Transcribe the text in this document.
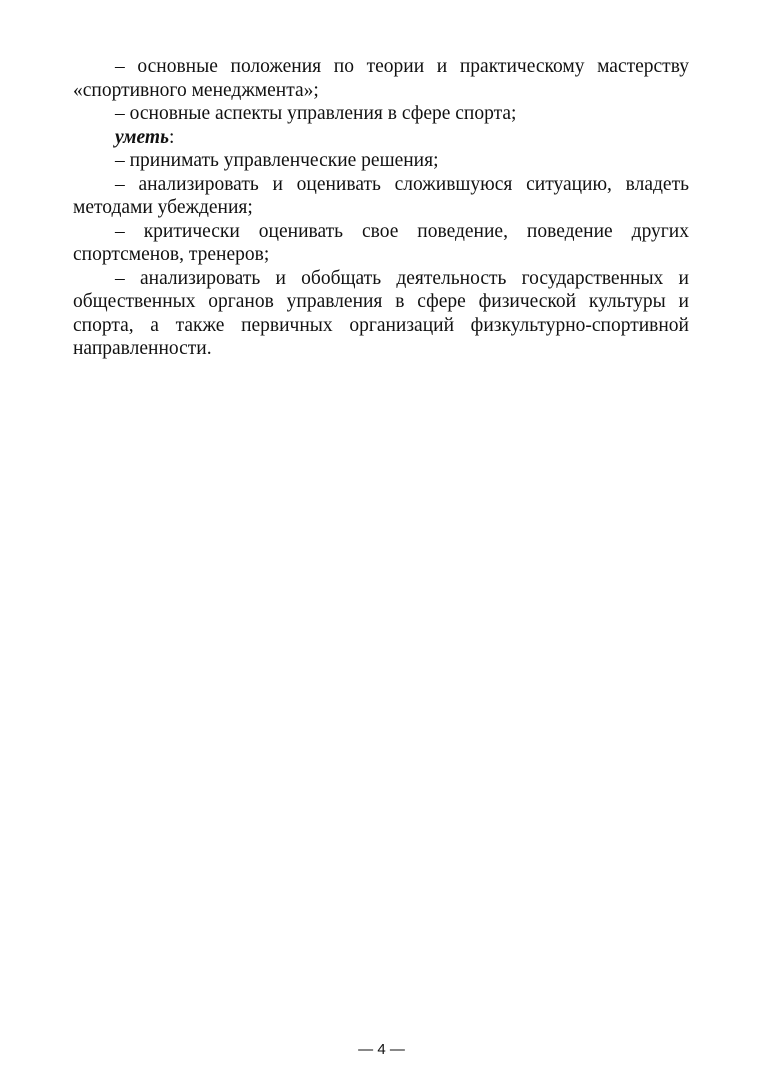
– основные положения по теории и практическому мастерству «спортивного менеджмента»;

– основные аспекты управления в сфере спорта;

уметь:

– принимать управленческие решения;

– анализировать и оценивать сложившуюся ситуацию, владеть методами убеждения;

– критически оценивать свое поведение, поведение других спортсменов, тренеров;

– анализировать и обобщать деятельность государственных и общественных органов управления в сфере физической культуры и спорта, а также первичных организаций физкультурно-спортивной направленности.

— 4 —
